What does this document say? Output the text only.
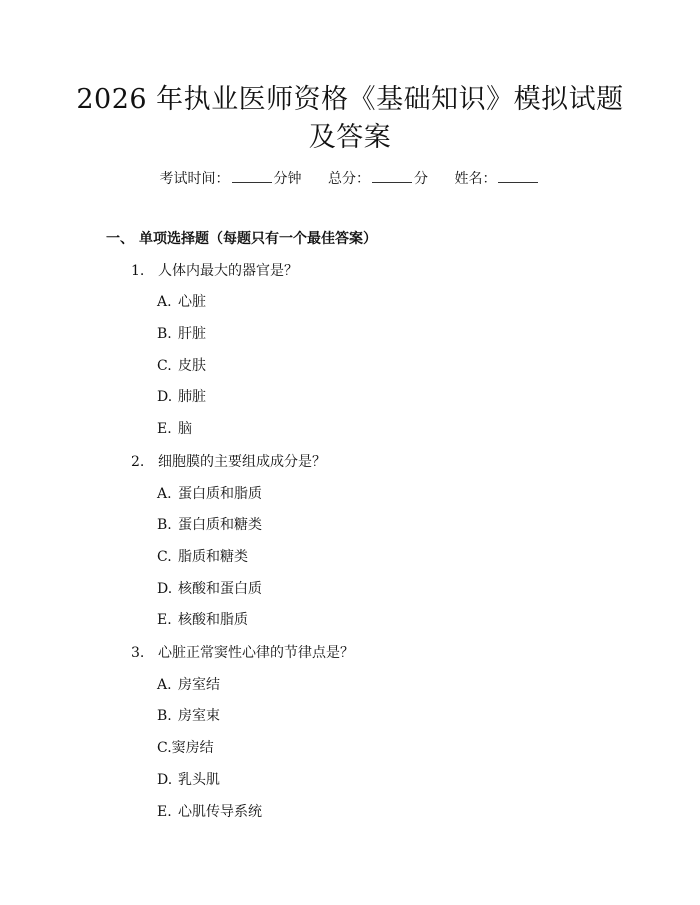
2026 年执业医师资格《基础知识》模拟试题
及答案
考试时间：	分钟 总分：	分 姓名：
一、 单项选择题（每题只有一个最佳答案）
1. 人体内最大的器官是？
A. 心脏
B. 肝脏
C. 皮肤
D. 肺脏
E. 脑
2. 细胞膜的主要组成成分是？
A. 蛋白质和脂质
B. 蛋白质和糖类
C. 脂质和糖类
D. 核酸和蛋白质
E. 核酸和脂质
3. 心脏正常窦性心律的节律点是？
A. 房室结
B. 房室束
C.窦房结
D. 乳头肌
E. 心肌传导系统
